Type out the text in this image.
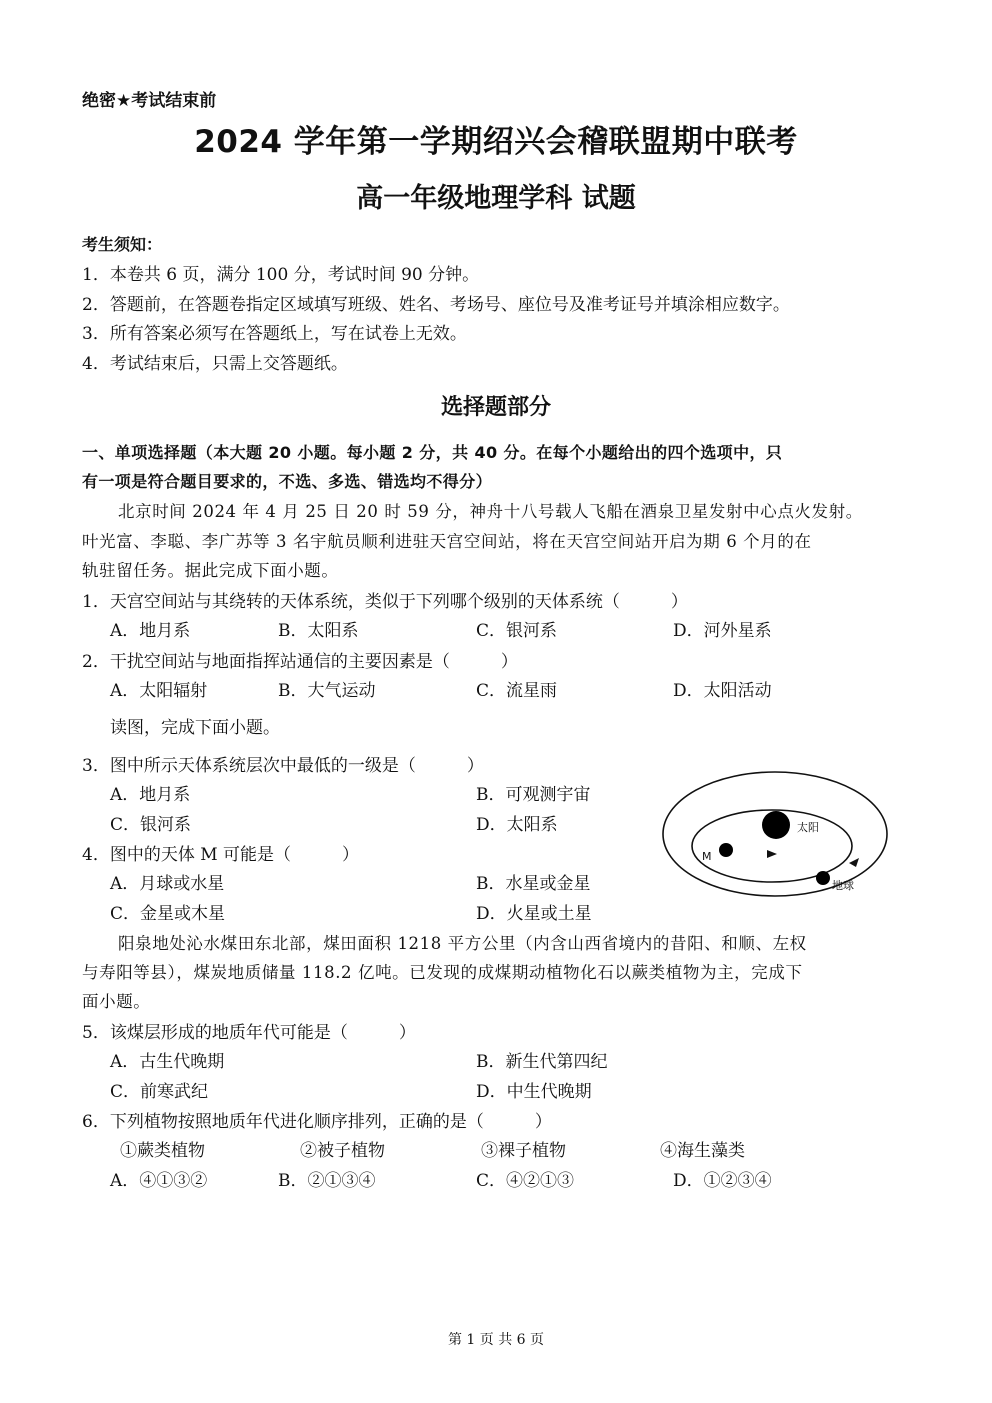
绝密★考试结束前
2024 学年第一学期绍兴会稽联盟期中联考
高一年级地理学科 试题
考生须知：
1．本卷共 6 页，满分 100 分，考试时间 90 分钟。
2．答题前，在答题卷指定区域填写班级、姓名、考场号、座位号及准考证号并填涂相应数字。
3．所有答案必须写在答题纸上，写在试卷上无效。
4．考试结束后，只需上交答题纸。
选择题部分
一、单项选择题（本大题 20 小题。每小题 2 分，共 40 分。在每个小题给出的四个选项中，只
有一项是符合题目要求的，不选、多选、错选均不得分）
北京时间 2024 年 4 月 25 日 20 时 59 分，神舟十八号载人飞船在酒泉卫星发射中心点火发射。
叶光富、李聪、李广苏等 3 名宇航员顺利进驻天宫空间站，将在天宫空间站开启为期 6 个月的在
轨驻留任务。据此完成下面小题。
1．天宫空间站与其绕转的天体系统，类似于下列哪个级别的天体系统（　　　）
A．地月系	B．太阳系	C．银河系	D．河外星系
2．干扰空间站与地面指挥站通信的主要因素是（　　　）
A．太阳辐射	B．大气运动	C．流星雨	D．太阳活动
读图，完成下面小题。
3．图中所示天体系统层次中最低的一级是（　　　）
A．地月系	B．可观测宇宙
C．银河系	D．太阳系
4．图中的天体 M 可能是（　　　）
A．月球或水星	B．水星或金星
C．金星或木星	D．火星或土星
太阳
M
地球
阳泉地处沁水煤田东北部，煤田面积 1218 平方公里（内含山西省境内的昔阳、和顺、左权
与寿阳等县），煤炭地质储量 118.2 亿吨。已发现的成煤期动植物化石以蕨类植物为主，完成下
面小题。
5．该煤层形成的地质年代可能是（　　　）
A．古生代晚期	B．新生代第四纪
C．前寒武纪	D．中生代晚期
6．下列植物按照地质年代进化顺序排列，正确的是（　　　）
①蕨类植物	②被子植物	③裸子植物	④海生藻类
A．④①③②	B．②①③④	C．④②①③	D．①②③④
第 1 页 共 6 页
